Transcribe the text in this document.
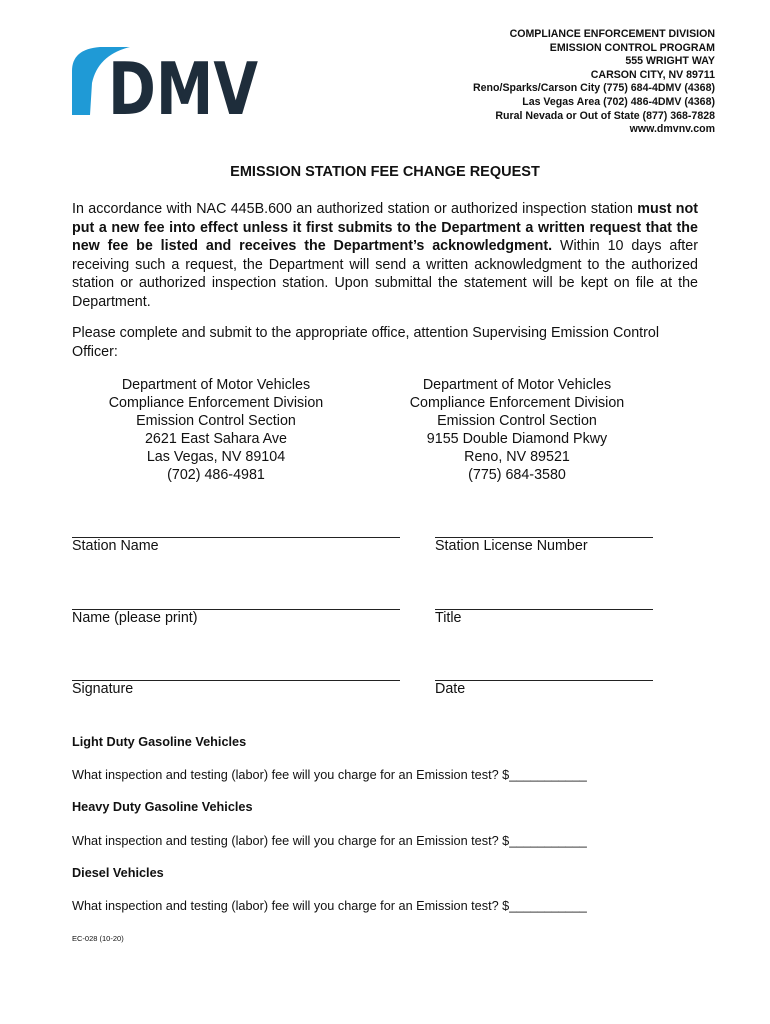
DMV
COMPLIANCE ENFORCEMENT DIVISION
EMISSION CONTROL PROGRAM
555 WRIGHT WAY
CARSON CITY, NV 89711
Reno/Sparks/Carson City (775) 684-4DMV (4368)
Las Vegas Area (702) 486-4DMV (4368)
Rural Nevada or Out of State (877) 368-7828
www.dmvnv.com
EMISSION STATION FEE CHANGE REQUEST
In accordance with NAC 445B.600 an authorized station or authorized inspection station must not put a new fee into effect unless it first submits to the Department a written request that the new fee be listed and receives the Department’s acknowledgment. Within 10 days after receiving such a request, the Department will send a written acknowledgment to the authorized station or authorized inspection station. Upon submittal the statement will be kept on file at the Department.
Please complete and submit to the appropriate office, attention Supervising Emission Control Officer:
Department of Motor Vehicles
Compliance Enforcement Division
Emission Control Section
2621 East Sahara Ave
Las Vegas, NV 89104
(702) 486-4981
Department of Motor Vehicles
Compliance Enforcement Division
Emission Control Section
9155 Double Diamond Pkwy
Reno, NV 89521
(775) 684-3580
Station Name	Station License Number
Name (please print)	Title
Signature	Date
Light Duty Gasoline Vehicles
What inspection and testing (labor) fee will you charge for an Emission test? $___________
Heavy Duty Gasoline Vehicles
What inspection and testing (labor) fee will you charge for an Emission test? $___________
Diesel Vehicles
What inspection and testing (labor) fee will you charge for an Emission test? $___________
EC-028 (10-20)
